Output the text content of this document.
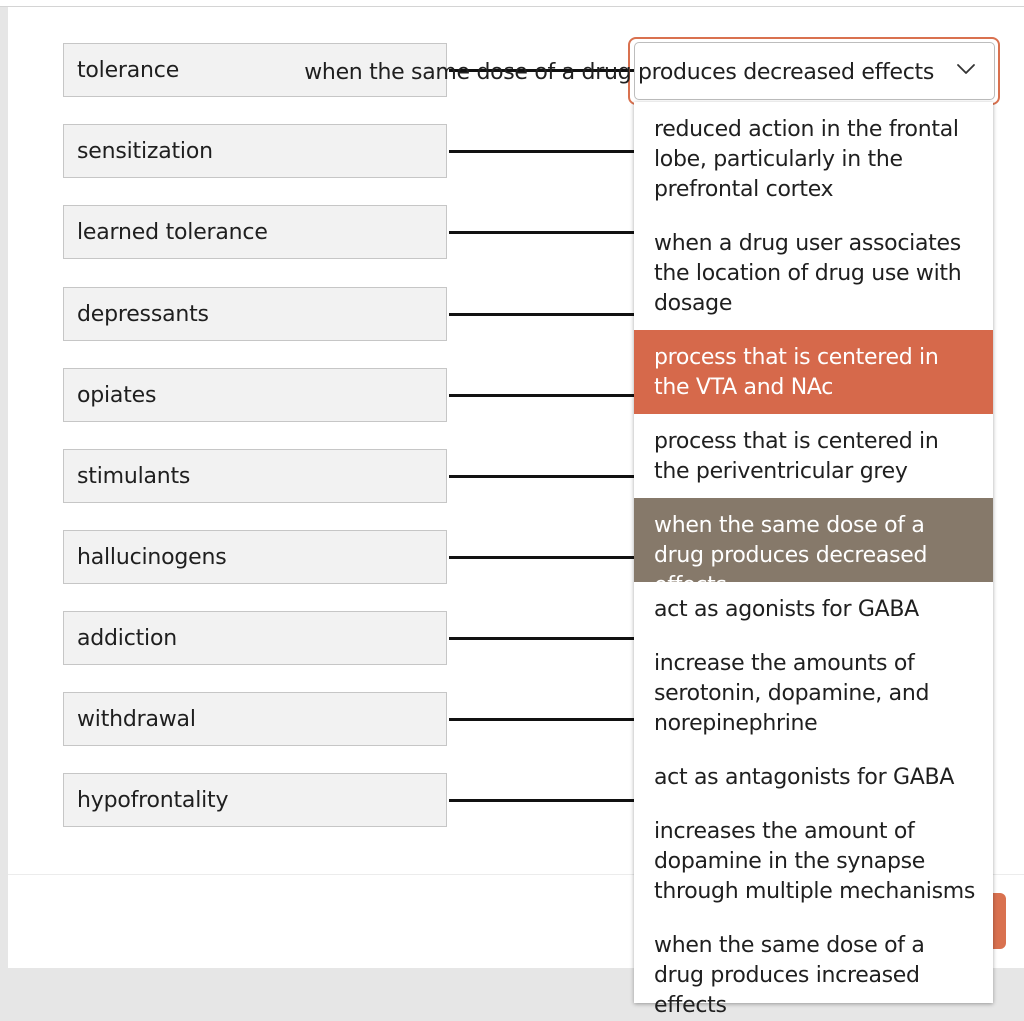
tolerance
sensitization
learned tolerance
depressants
opiates
stimulants
hallucinogens
addiction
withdrawal
hypofrontality
when the same dose of a drug produces decreased effects
reduced action in the frontal lobe, particularly in the prefrontal cortex
when a drug user associates the location of drug use with dosage
process that is centered in the VTA and NAc
process that is centered in the periventricular grey
when the same dose of a drug produces decreased effects
act as agonists for GABA
increase the amounts of serotonin, dopamine, and norepinephrine
act as antagonists for GABA
increases the amount of dopamine in the synapse through multiple mechanisms
when the same dose of a drug produces increased effects
